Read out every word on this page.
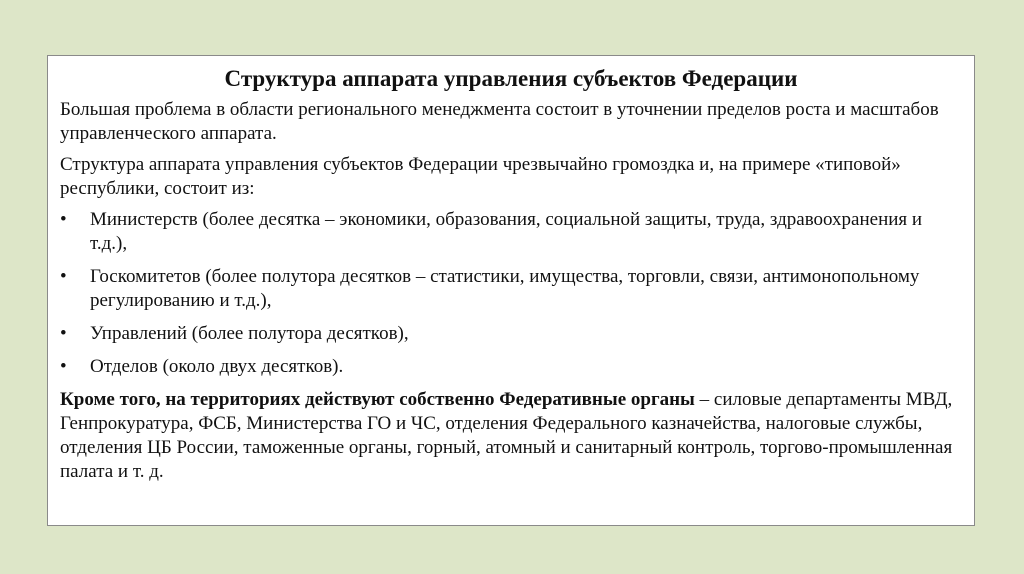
Структура аппарата управления субъектов Федерации

Большая проблема в области регионального менеджмента состоит в уточнении пределов роста и масштабов управленческого аппарата.

Структура аппарата управления субъектов Федерации чрезвычайно громоздка и, на примере «типовой» республики, состоит из:

• Министерств (более десятка – экономики, образования, социальной защиты, труда, здравоохранения и т.д.),
• Госкомитетов (более полутора десятков – статистики, имущества, торговли, связи, антимонопольному регулированию и т.д.),
• Управлений (более полутора десятков),
• Отделов (около двух десятков).

Кроме того, на территориях действуют собственно Федеративные органы – силовые департаменты МВД, Генпрокуратура, ФСБ, Министерства ГО и ЧС, отделения Федерального казначейства, налоговые службы, отделения ЦБ России, таможенные органы, горный, атомный и санитарный контроль, торгово-промышленная палата и т. д.
